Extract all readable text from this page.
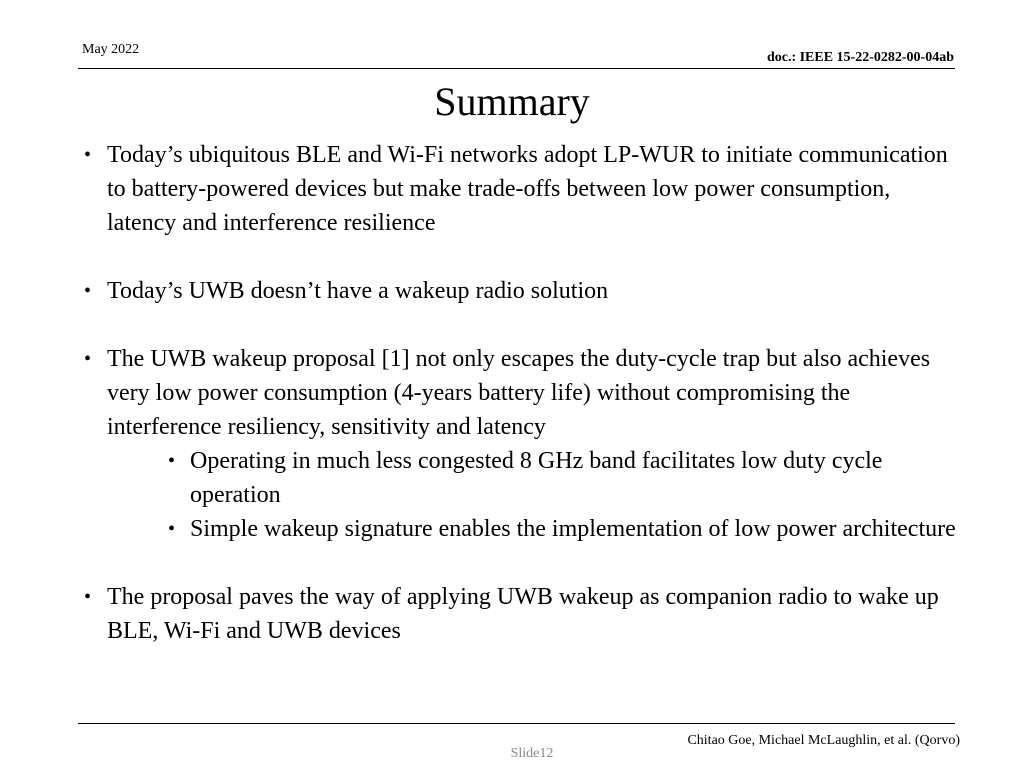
May 2022
doc.: IEEE 15-22-0282-00-04ab
Summary
• Today’s ubiquitous BLE and Wi-Fi networks adopt LP-WUR to initiate communication to battery-powered devices but make trade-offs between low power consumption, latency and interference resilience
• Today’s UWB doesn’t have a wakeup radio solution
• The UWB wakeup proposal [1] not only escapes the duty-cycle trap but also achieves very low power consumption (4-years battery life) without compromising the interference resiliency, sensitivity and latency
• Operating in much less congested 8 GHz band facilitates low duty cycle operation
• Simple wakeup signature enables the implementation of low power architecture
• The proposal paves the way of applying UWB wakeup as companion radio to wake up BLE, Wi-Fi and UWB devices
Chitao Goe, Michael McLaughlin, et al. (Qorvo)
Slide12
